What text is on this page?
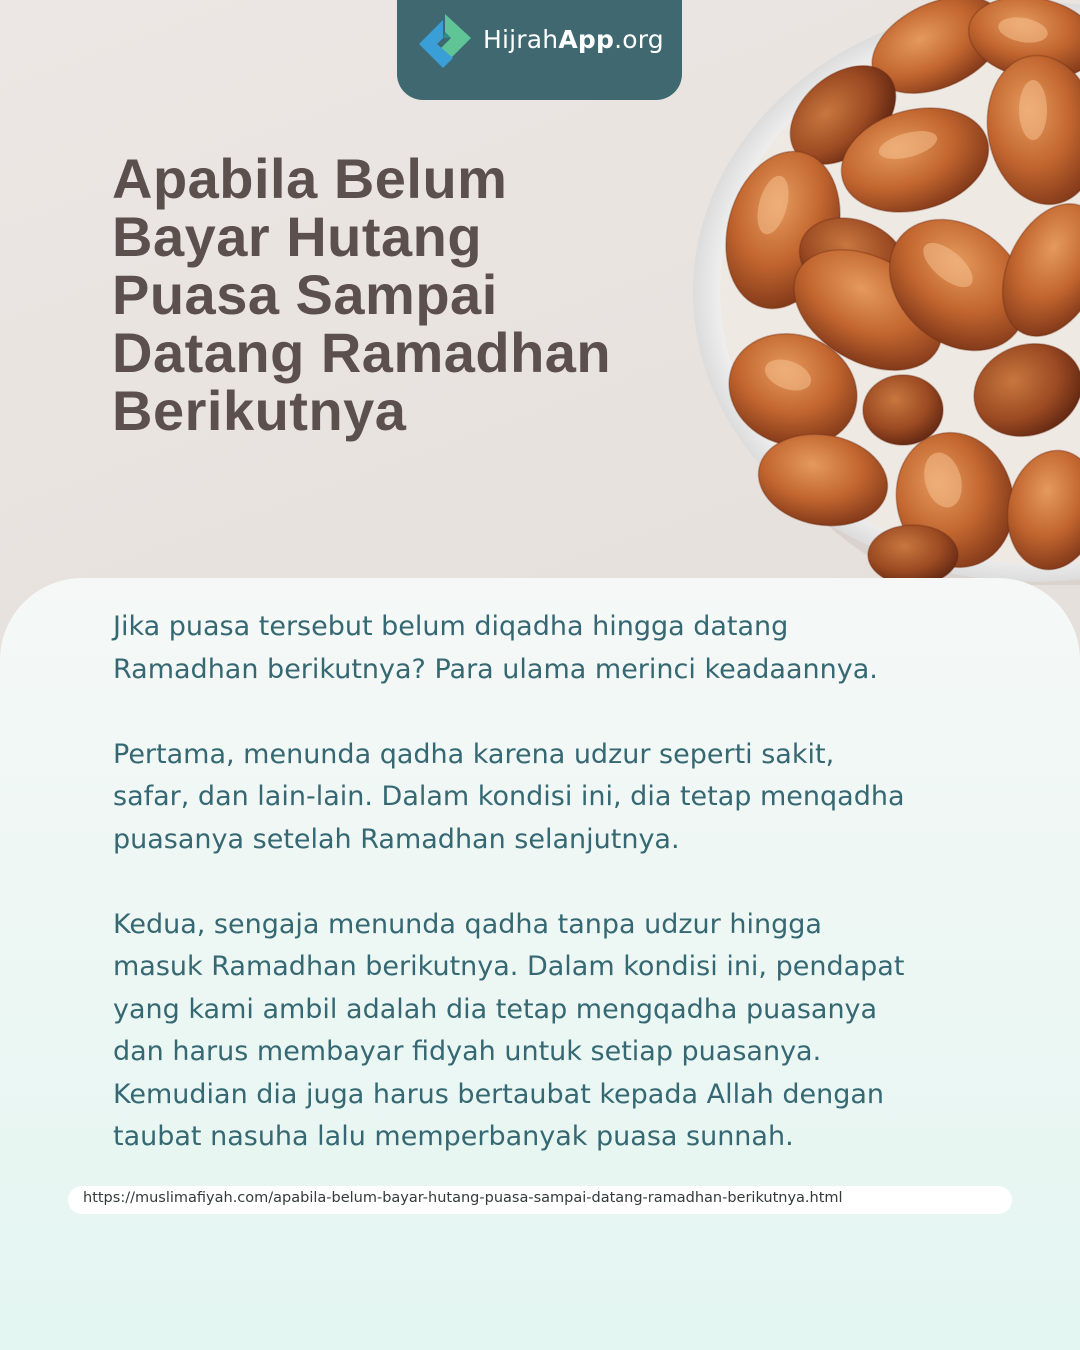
HijrahApp.org
Apabila Belum
Bayar Hutang
Puasa Sampai
Datang Ramadhan
Berikutnya

Jika puasa tersebut belum diqadha hingga datang
Ramadhan berikutnya? Para ulama merinci keadaannya.

Pertama, menunda qadha karena udzur seperti sakit,
safar, dan lain-lain. Dalam kondisi ini, dia tetap menqadha
puasanya setelah Ramadhan selanjutnya.

Kedua, sengaja menunda qadha tanpa udzur hingga
masuk Ramadhan berikutnya. Dalam kondisi ini, pendapat
yang kami ambil adalah dia tetap mengqadha puasanya
dan harus membayar fidyah untuk setiap puasanya.
Kemudian dia juga harus bertaubat kepada Allah dengan
taubat nasuha lalu memperbanyak puasa sunnah.

https://muslimafiyah.com/apabila-belum-bayar-hutang-puasa-sampai-datang-ramadhan-berikutnya.html
